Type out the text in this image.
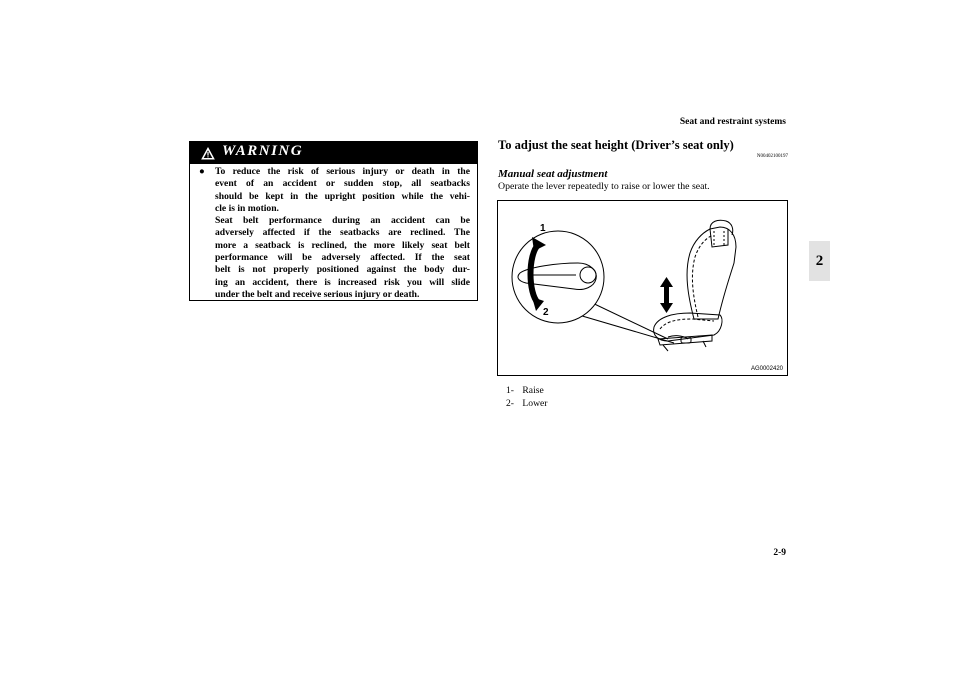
Seat and restraint systems
2
WARNING
●	To reduce the risk of serious injury or death in the
event of an accident or sudden stop, all seatbacks
should be kept in the upright position while the vehi-
cle is in motion.
Seat belt performance during an accident can be
adversely affected if the seatbacks are reclined. The
more a seatback is reclined, the more likely seat belt
performance will be adversely affected. If the seat
belt is not properly positioned against the body dur-
ing an accident, there is increased risk you will slide
under the belt and receive serious injury or death.
To adjust the seat height (Driver’s seat only)
N00402100197
Manual seat adjustment
Operate the lever repeatedly to raise or lower the seat.
1
2
AG0002420
1- Raise
2- Lower
2-9
